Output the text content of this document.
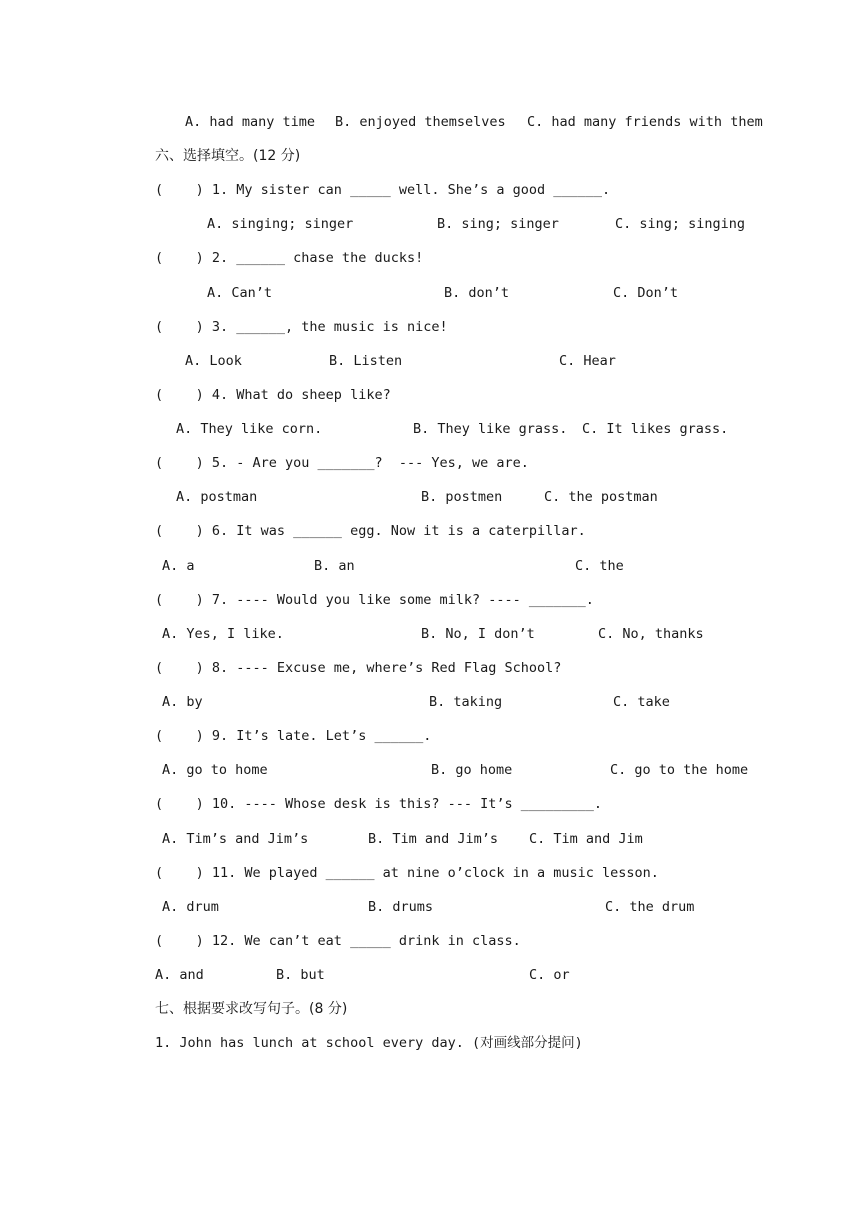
A. had many time B. enjoyed themselves C. had many friends with them
六、选择填空。(12 分)
(    ) 1. My sister can _____ well. She’s a good ______.
A. singing; singer	B. sing; singer	C. sing; singing
(    ) 2. ______ chase the ducks!
A. Can’t	B. don’t	C. Don’t
(    ) 3. ______, the music is nice!
A. Look	B. Listen	C. Hear
(    ) 4. What do sheep like?
A. They like corn.	B. They like grass. C. It likes grass.
(    ) 5. - Are you _______?  --- Yes, we are.
A. postman	B. postmen	C. the postman
(    ) 6. It was ______ egg. Now it is a caterpillar.
A. a	B. an	C. the
(    ) 7. ---- Would you like some milk? ---- _______.
A. Yes, I like.	B. No, I don’t	C. No, thanks
(    ) 8. ---- Excuse me, where’s Red Flag School?
A. by	B. taking	C. take
(    ) 9. It’s late. Let’s ______.
A. go to home	B. go home	C. go to the home
(    ) 10. ---- Whose desk is this? --- It’s _________.
A. Tim’s and Jim’s	B. Tim and Jim’s C. Tim and Jim
(    ) 11. We played ______ at nine o’clock in a music lesson.
A. drum	B. drums	C. the drum
(    ) 12. We can’t eat _____ drink in class.
A. and	B. but	C. or
七、根据要求改写句子。(8 分)
1. John has lunch at school every day. (对画线部分提问)
